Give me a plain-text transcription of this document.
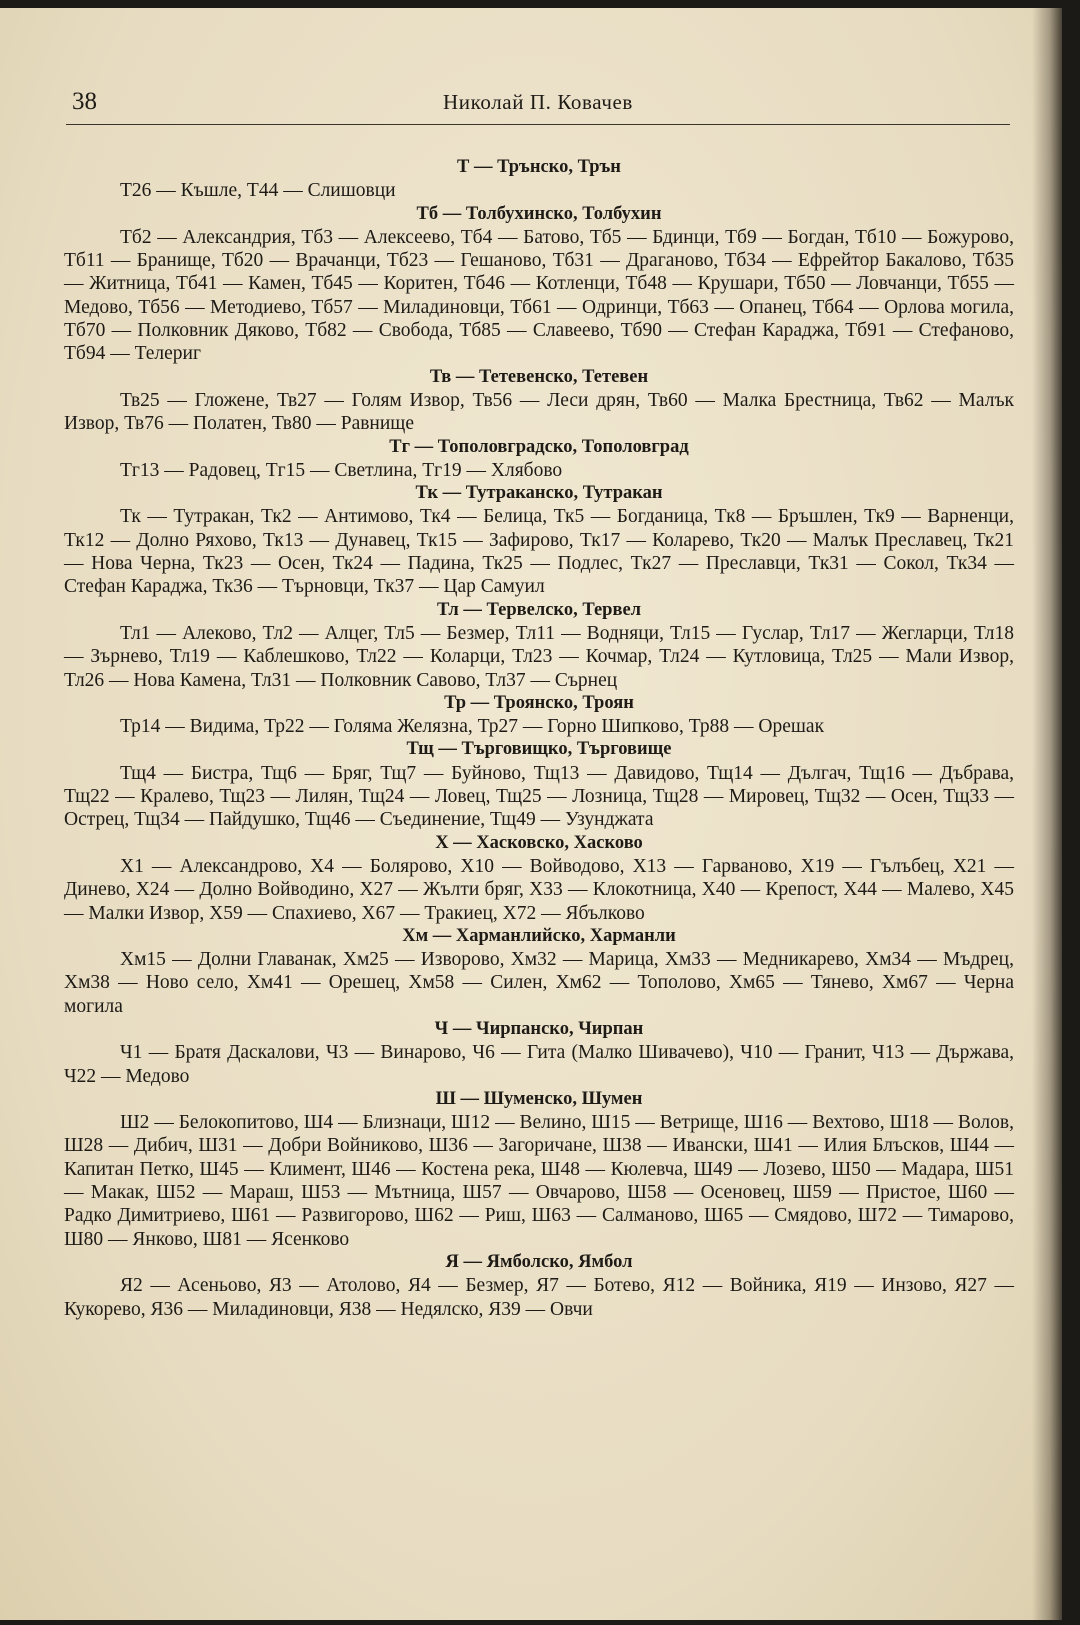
38	Николай П. Ковачев

Т — Трънско, Трън

Т26 — Къшле, Т44 — Слишовци

Тб — Толбухинско, Толбухин

Тб2 — Александрия, Тб3 — Алексеево, Тб4 — Батово, Тб5 — Бдинци, Тб9 — Богдан, Тб10 — Божурово, Тб11 — Бранище, Тб20 — Врачанци, Тб23 — Гешаново, Тб31 — Драганово, Тб34 — Ефрейтор Бакалово, Тб35 — Житница, Тб41 — Камен, Тб45 — Коритен, Тб46 — Котленци, Тб48 — Крушари, Тб50 — Ловчанци, Тб55 — Медово, Тб56 — Методиево, Тб57 — Миладиновци, Тб61 — Одринци, Тб63 — Опанец, Тб64 — Орлова могила, Тб70 — Полковник Дяково, Тб82 — Свобода, Тб85 — Славеево, Тб90 — Стефан Караджа, Тб91 — Стефаново, Тб94 — Телериг

Тв — Тетевенско, Тетевен

Тв25 — Гложене, Тв27 — Голям Извор, Тв56 — Леси дрян, Тв60 — Малка Брестница, Тв62 — Малък Извор, Тв76 — Полатен, Тв80 — Равнище

Тг — Тополовградско, Тополовград

Тг13 — Радовец, Тг15 — Светлина, Тг19 — Хлябово

Тк — Тутраканско, Тутракан

Тк — Тутракан, Тк2 — Антимово, Тк4 — Белица, Тк5 — Богданица, Тк8 — Бръшлен, Тк9 — Варненци, Тк12 — Долно Ряхово, Тк13 — Дунавец, Тк15 — Зафирово, Тк17 — Коларево, Тк20 — Малък Преславец, Тк21 — Нова Черна, Тк23 — Осен, Тк24 — Падина, Тк25 — Подлес, Тк27 — Преславци, Тк31 — Сокол, Тк34 — Стефан Караджа, Тк36 — Търновци, Тк37 — Цар Самуил

Тл — Тервелско, Тервел

Тл1 — Алеково, Тл2 — Алцег, Тл5 — Безмер, Тл11 — Водняци, Тл15 — Гуслар, Тл17 — Жегларци, Тл18 — Зърнево, Тл19 — Каблешково, Тл22 — Коларци, Тл23 — Кочмар, Тл24 — Кутловица, Тл25 — Мали Извор, Тл26 — Нова Камена, Тл31 — Полковник Савово, Тл37 — Сърнец

Тр — Троянско, Троян

Тр14 — Видима, Тр22 — Голяма Желязна, Тр27 — Горно Шипково, Тр88 — Орешак

Тщ — Търговищко, Търговище

Тщ4 — Бистра, Тщ6 — Бряг, Тщ7 — Буйново, Тщ13 — Давидово, Тщ14 — Дългач, Тщ16 — Дъбрава, Тщ22 — Кралево, Тщ23 — Лилян, Тщ24 — Ловец, Тщ25 — Лозница, Тщ28 — Мировец, Тщ32 — Осен, Тщ33 — Острец, Тщ34 — Пайдушко, Тщ46 — Съединение, Тщ49 — Узунджата

Х — Хасковско, Хасково

Х1 — Александрово, Х4 — Болярово, Х10 — Войводово, Х13 — Гарваново, Х19 — Гълъбец, Х21 — Динево, Х24 — Долно Войводино, Х27 — Жълти бряг, Х33 — Клокотница, Х40 — Крепост, Х44 — Малево, Х45 — Малки Извор, Х59 — Спахиево, Х67 — Тракиец, Х72 — Ябълково

Хм — Харманлийско, Харманли

Хм15 — Долни Главанак, Хм25 — Изворово, Хм32 — Марица, Хм33 — Медникарево, Хм34 — Мъдрец, Хм38 — Ново село, Хм41 — Орешец, Хм58 — Силен, Хм62 — Тополово, Хм65 — Тянево, Хм67 — Черна могила

Ч — Чирпанско, Чирпан

Ч1 — Братя Даскалови, Ч3 — Винарово, Ч6 — Гита (Малко Шивачево), Ч10 — Гранит, Ч13 — Държава, Ч22 — Медово

Ш — Шуменско, Шумен

Ш2 — Белокопитово, Ш4 — Близнаци, Ш12 — Велино, Ш15 — Ветрище, Ш16 — Вехтово, Ш18 — Волов, Ш28 — Дибич, Ш31 — Добри Войниково, Ш36 — Загоричане, Ш38 — Ивански, Ш41 — Илия Блъсков, Ш44 — Капитан Петко, Ш45 — Климент, Ш46 — Костена река, Ш48 — Кюлевча, Ш49 — Лозево, Ш50 — Мадара, Ш51 — Макак, Ш52 — Мараш, Ш53 — Мътница, Ш57 — Овчарово, Ш58 — Осеновец, Ш59 — Пристое, Ш60 — Радко Димитриево, Ш61 — Развигорово, Ш62 — Риш, Ш63 — Салманово, Ш65 — Смядово, Ш72 — Тимарово, Ш80 — Янково, Ш81 — Ясенково

Я — Ямболско, Ямбол

Я2 — Асеньово, Я3 — Атолово, Я4 — Безмер, Я7 — Ботево, Я12 — Войника, Я19 — Инзово, Я27 — Кукорево, Я36 — Миладиновци, Я38 — Недялско, Я39 — Овчи
